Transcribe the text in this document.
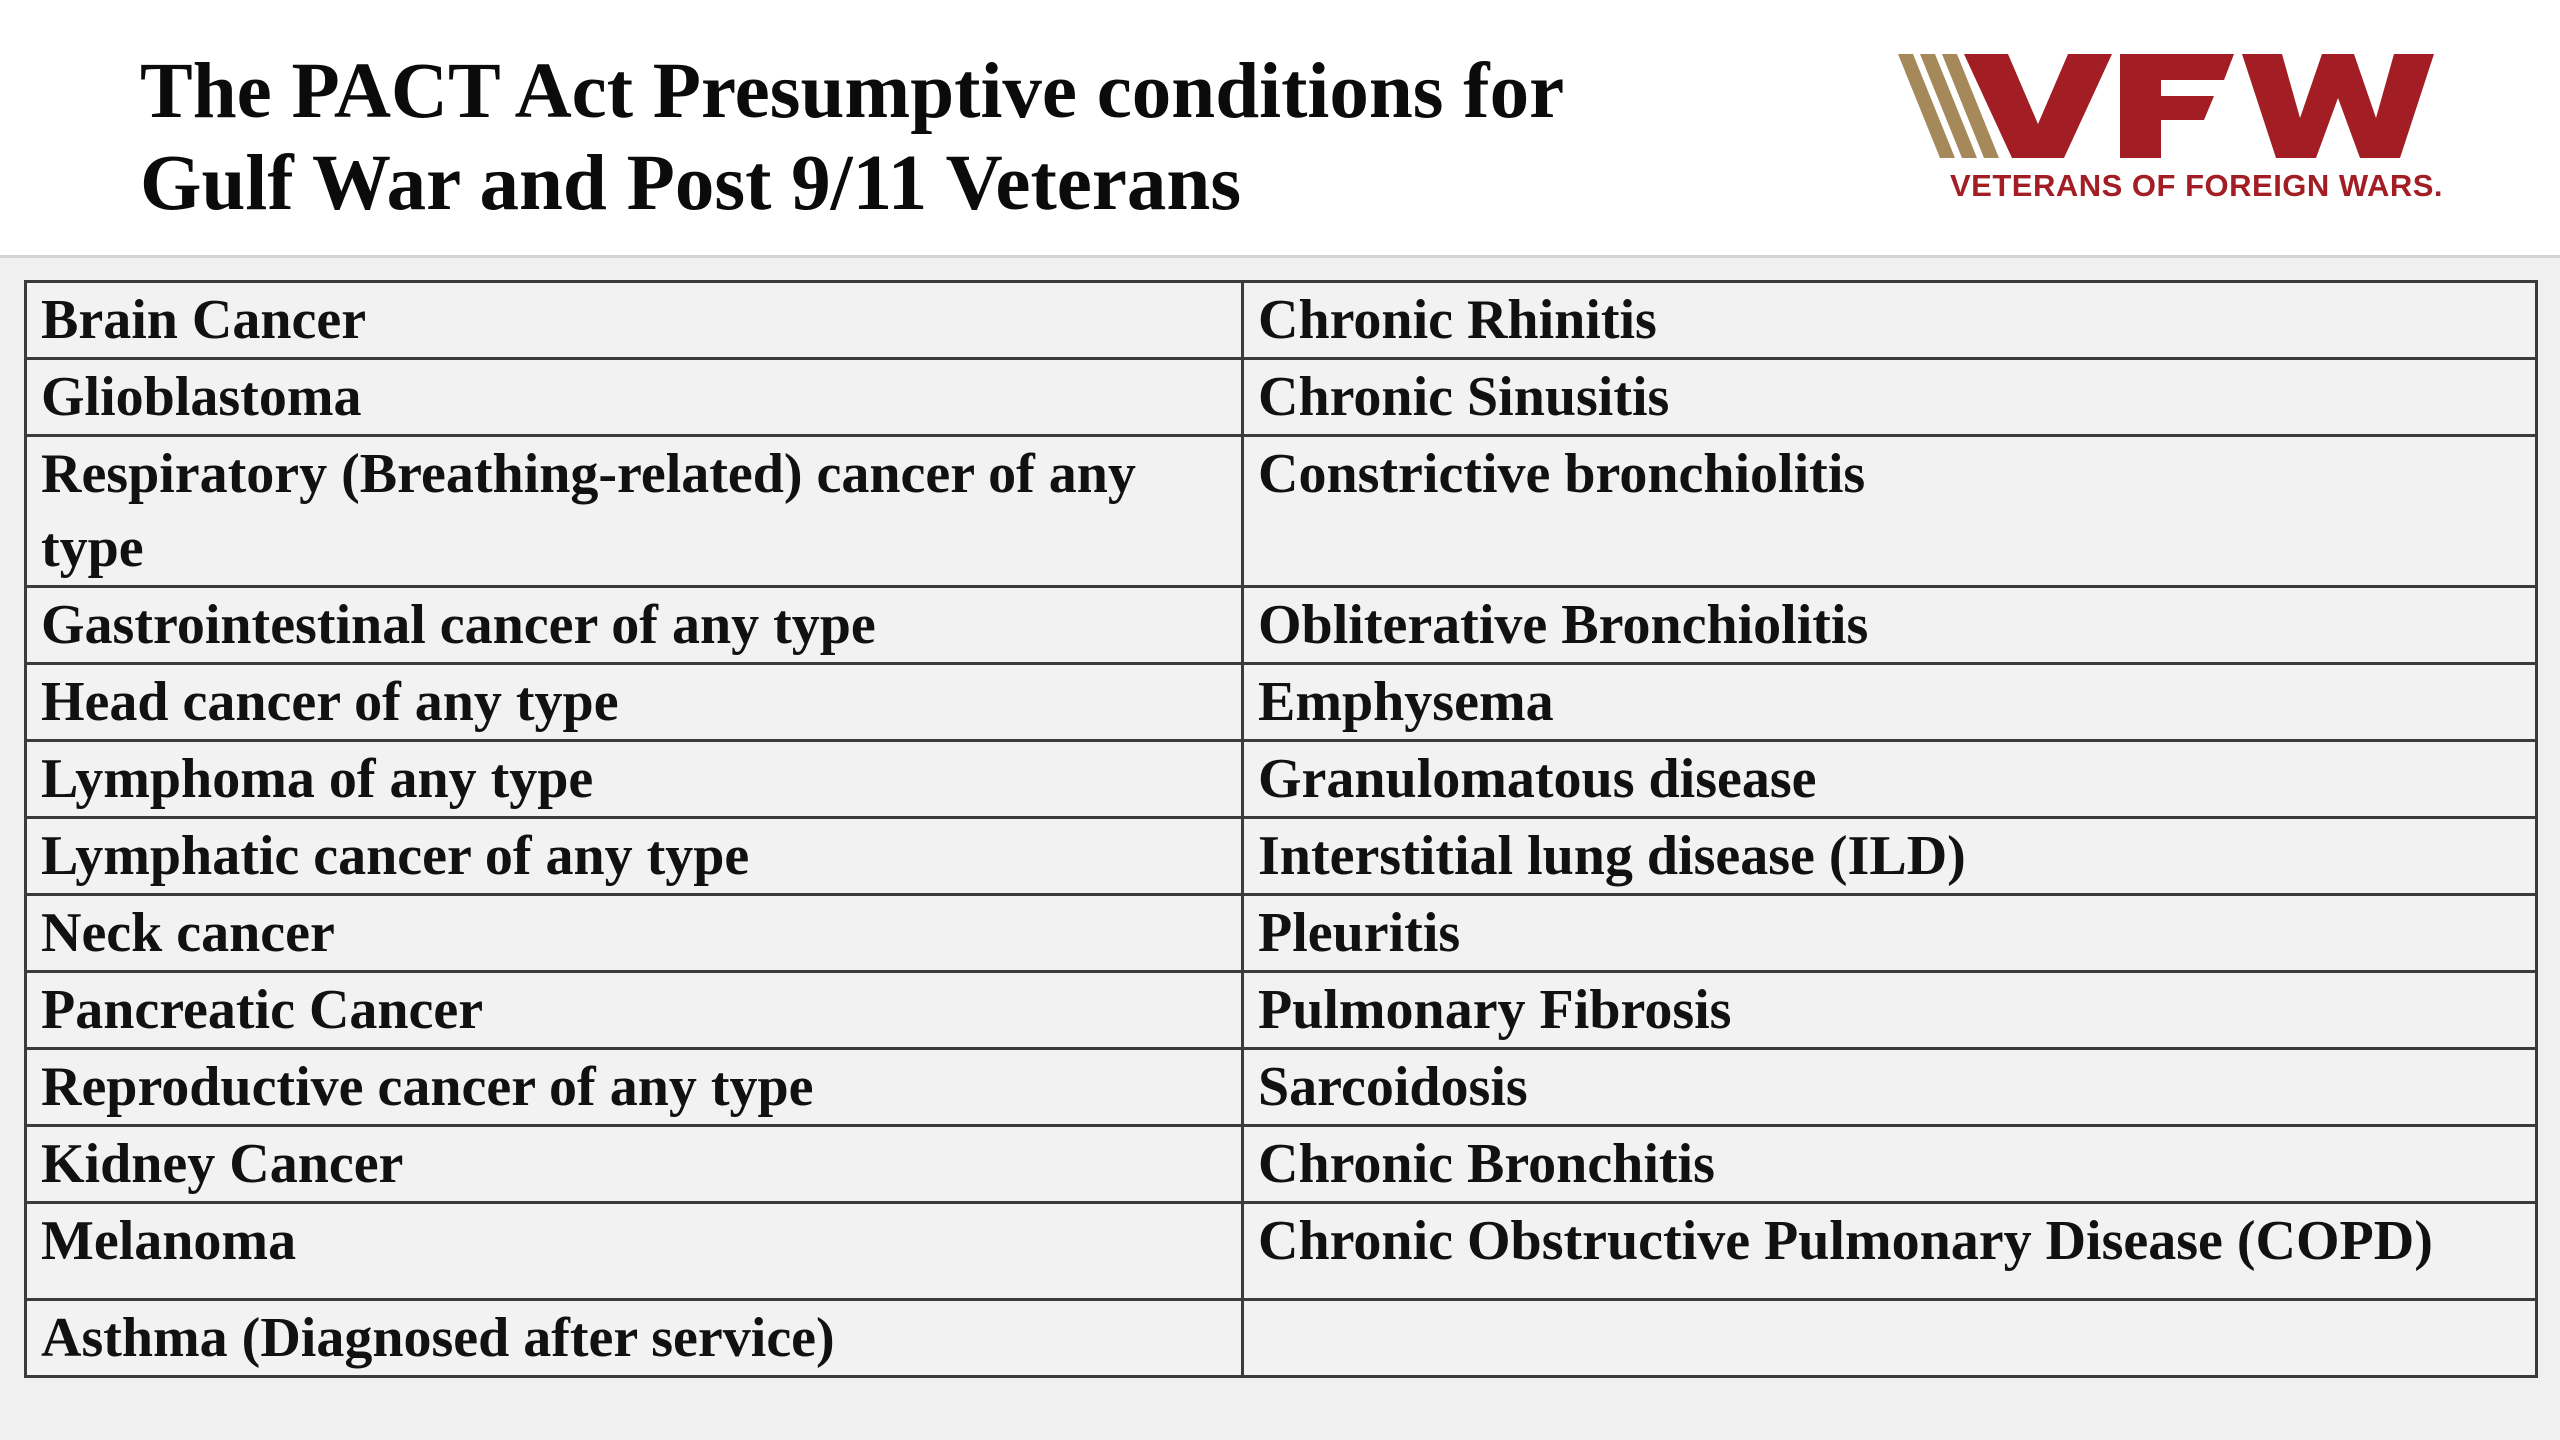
The PACT Act Presumptive conditions for
Gulf War and Post 9/11 Veterans	VETERANS OF FOREIGN WARS.
Brain Cancer	Chronic Rhinitis
Glioblastoma	Chronic Sinusitis
Respiratory (Breathing-related) cancer of any type	Constrictive bronchiolitis
Gastrointestinal cancer of any type	Obliterative Bronchiolitis
Head cancer of any type	Emphysema
Lymphoma of any type	Granulomatous disease
Lymphatic cancer of any type	Interstitial lung disease (ILD)
Neck cancer	Pleuritis
Pancreatic Cancer	Pulmonary Fibrosis
Reproductive cancer of any type	Sarcoidosis
Kidney Cancer	Chronic Bronchitis
Melanoma	Chronic Obstructive Pulmonary Disease (COPD)
Asthma (Diagnosed after service)	
